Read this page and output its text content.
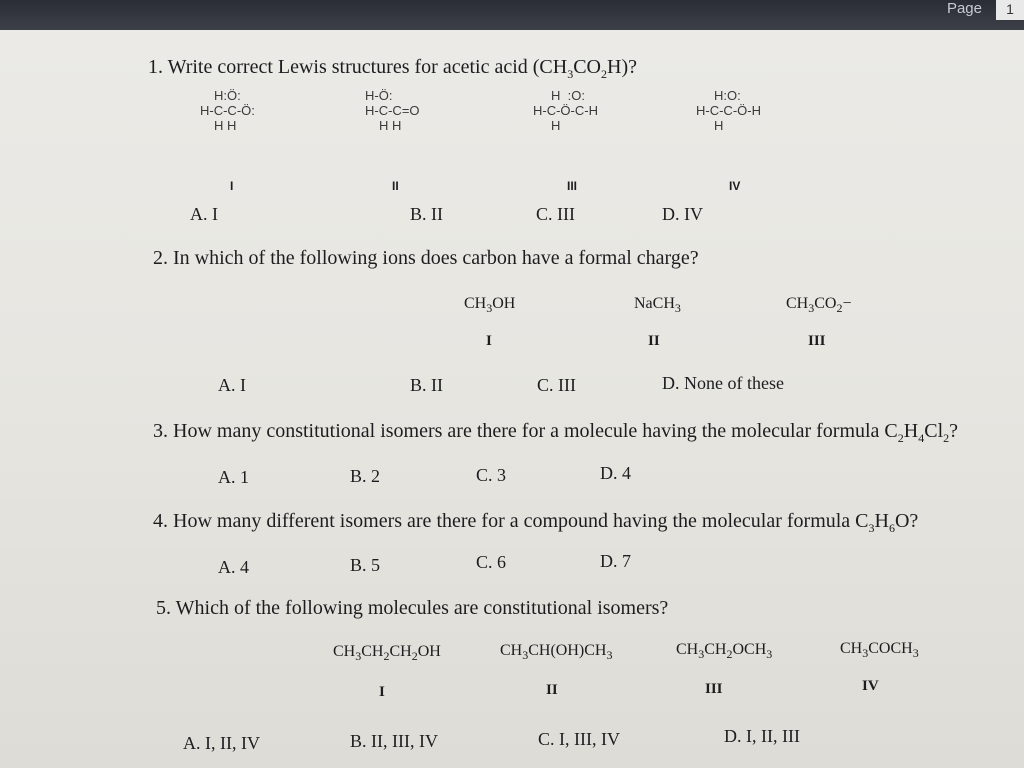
Page	1
1. Write correct Lewis structures for acetic acid $(CH_3CO_2H)$?
H:Ö:
H-C-C-Ö:
H H
H-Ö:
H-C-C=O
H H
H  :O:
H-C-Ö-C-H
H
H:O:
H-C-C-Ö-H
H
I	II	III	IV
A. I	B. II	C. III	D. IV
2. In which of the following ions does carbon have a formal charge?
$CH_3OH$	NaCH$_3$	$CH_3CO_2-$
I	II	III
A. I	B. II	C. III	D. None of these
3. How many constitutional isomers are there for a molecule having the molecular formula $C_2H_4Cl_2$?
A. 1	B. 2	C. 3	D. 4
4. How many different isomers are there for a compound having the molecular formula $C_3H_6O$?
A. 4	B. 5	C. 6	D. 7
5. Which of the following molecules are constitutional isomers?
$CH_3CH_2CH_2OH$	$CH_3CH(OH)CH_3$	$CH_3CH_2OCH_3$	$CH_3COCH_3$
I	II	III	IV
A. I, II, IV	B. II, III, IV	C. I, III, IV	D. I, II, III
